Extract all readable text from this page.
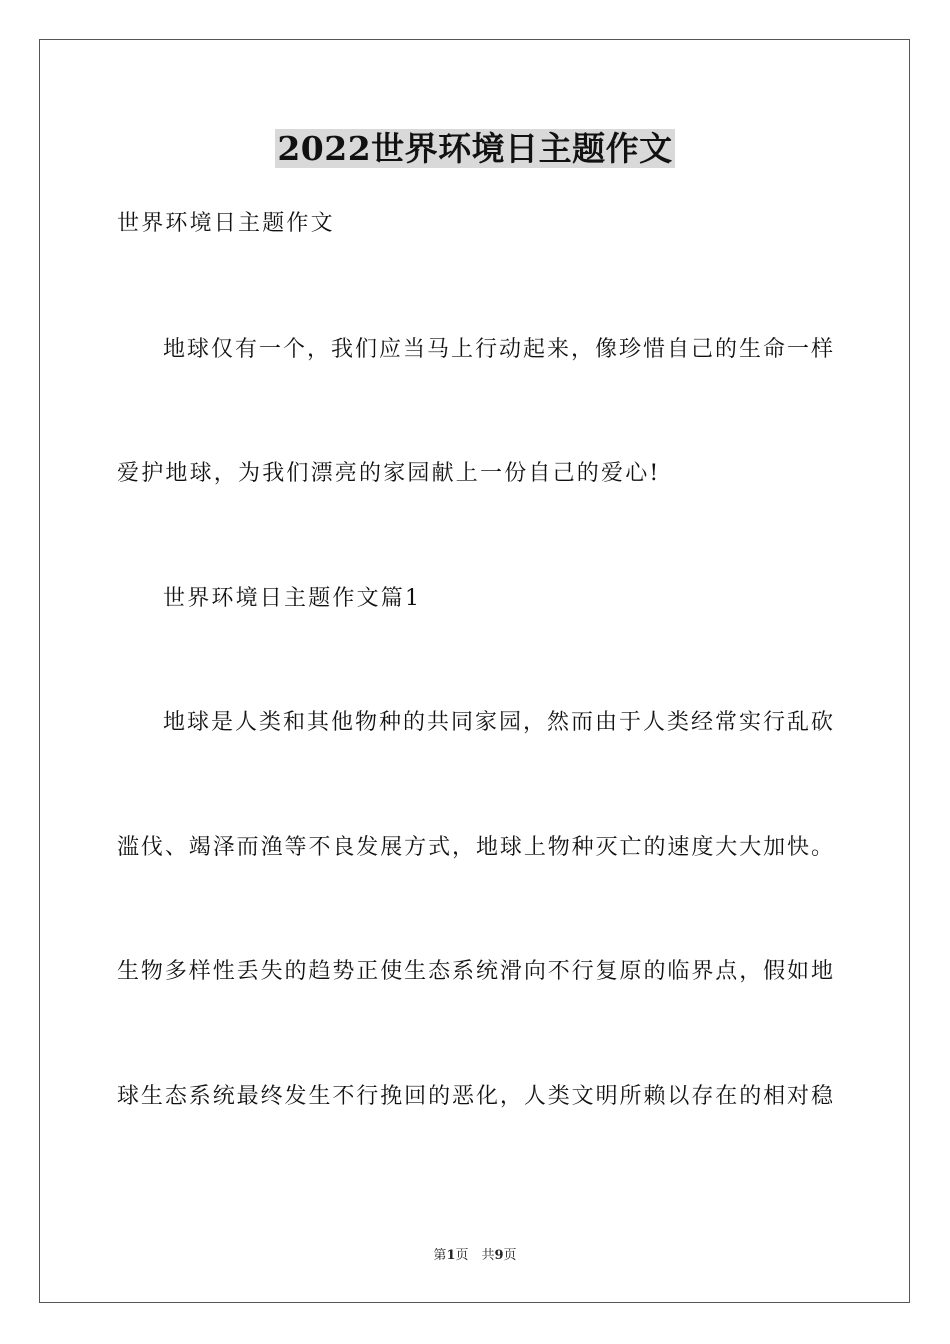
2022世界环境日主题作文
世界环境日主题作文
地球仅有一个，我们应当马上行动起来，像珍惜自己的生命一样
爱护地球，为我们漂亮的家园献上一份自己的爱心!
世界环境日主题作文篇1
地球是人类和其他物种的共同家园，然而由于人类经常实行乱砍
滥伐、竭泽而渔等不良发展方式，地球上物种灭亡的速度大大加快。
生物多样性丢失的趋势正使生态系统滑向不行复原的临界点，假如地
球生态系统最终发生不行挽回的恶化，人类文明所赖以存在的相对稳
第1页　共9页
